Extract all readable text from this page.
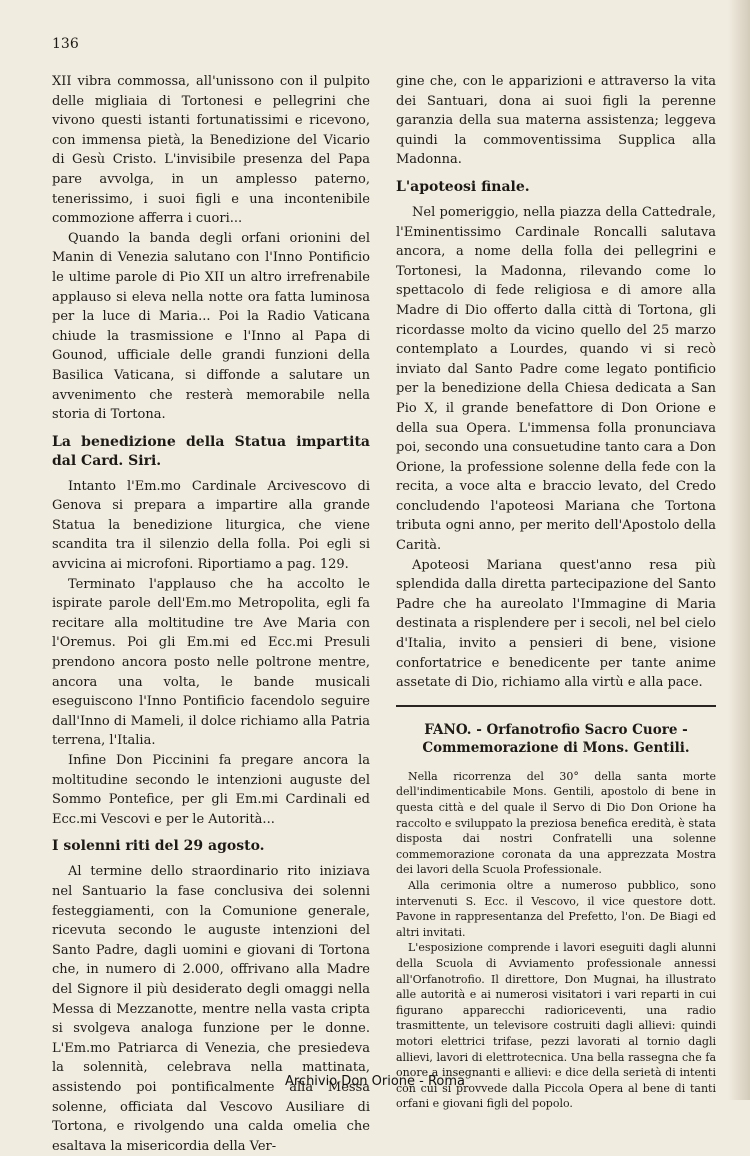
136

XII vibra commossa, all'unissono con il pulpito delle migliaia di Tortonesi e pellegrini che vivono questi istanti fortunatissimi e ricevono, con immensa pietà, la Benedizione del Vicario di Gesù Cristo. L'invisibile presenza del Papa pare avvolga, in un amplesso paterno, tenerissimo, i suoi figli e una incontenibile commozione afferra i cuori...

Quando la banda degli orfani orionini del Manin di Venezia salutano con l'Inno Pontificio le ultime parole di Pio XII un altro irrefrenabile applauso si eleva nella notte ora fatta luminosa per la luce di Maria... Poi la Radio Vaticana chiude la trasmissione e l'Inno al Papa di Gounod, ufficiale delle grandi funzioni della Basilica Vaticana, si diffonde a salutare un avvenimento che resterà memorabile nella storia di Tortona.

La benedizione della Statua impartita dal Card. Siri.

Intanto l'Em.mo Cardinale Arcivescovo di Genova si prepara a impartire alla grande Statua la benedizione liturgica, che viene scandita tra il silenzio della folla. Poi egli si avvicina ai microfoni. Riportiamo a pag. 129.

Terminato l'applauso che ha accolto le ispirate parole dell'Em.mo Metropolita, egli fa recitare alla moltitudine tre Ave Maria con l'Oremus. Poi gli Em.mi ed Ecc.mi Presuli prendono ancora posto nelle poltrone mentre, ancora una volta, le bande musicali eseguiscono l'Inno Pontificio facendolo seguire dall'Inno di Mameli, il dolce richiamo alla Patria terrena, l'Italia.

Infine Don Piccinini fa pregare ancora la moltitudine secondo le intenzioni auguste del Sommo Pontefice, per gli Em.mi Cardinali ed Ecc.mi Vescovi e per le Autorità...

I solenni riti del 29 agosto.

Al termine dello straordinario rito iniziava nel Santuario la fase conclusiva dei solenni festeggiamenti, con la Comunione generale, ricevuta secondo le auguste intenzioni del Santo Padre, dagli uomini e giovani di Tortona che, in numero di 2.000, offrivano alla Madre del Signore il più desiderato degli omaggi nella Messa di Mezzanotte, mentre nella vasta cripta si svolgeva analoga funzione per le donne. L'Em.mo Patriarca di Venezia, che presiedeva la solennità, celebrava nella mattinata, assistendo poi pontificalmente alla Messa solenne, officiata dal Vescovo Ausiliare di Tortona, e rivolgendo una calda omelia che esaltava la misericordia della Ver-

gine che, con le apparizioni e attraverso la vita dei Santuari, dona ai suoi figli la perenne garanzia della sua materna assistenza; leggeva quindi la commoventissima Supplica alla Madonna.

L'apoteosi finale.

Nel pomeriggio, nella piazza della Cattedrale, l'Eminentissimo Cardinale Roncalli salutava ancora, a nome della folla dei pellegrini e Tortonesi, la Madonna, rilevando come lo spettacolo di fede religiosa e di amore alla Madre di Dio offerto dalla città di Tortona, gli ricordasse molto da vicino quello del 25 marzo contemplato a Lourdes, quando vi si recò inviato dal Santo Padre come legato pontificio per la benedizione della Chiesa dedicata a San Pio X, il grande benefattore di Don Orione e della sua Opera. L'immensa folla pronunciava poi, secondo una consuetudine tanto cara a Don Orione, la professione solenne della fede con la recita, a voce alta e braccio levato, del Credo concludendo l'apoteosi Mariana che Tortona tributa ogni anno, per merito dell'Apostolo della Carità.

Apoteosi Mariana quest'anno resa più splendida dalla diretta partecipazione del Santo Padre che ha aureolato l'Immagine di Maria destinata a risplendere per i secoli, nel bel cielo d'Italia, invito a pensieri di bene, visione confortatrice e benedicente per tante anime assetate di Dio, richiamo alla virtù e alla pace.

FANO. - Orfanotrofio Sacro Cuore - Commemorazione di Mons. Gentili.

Nella ricorrenza del 30° della santa morte dell'indimenticabile Mons. Gentili, apostolo di bene in questa città e del quale il Servo di Dio Don Orione ha raccolto e sviluppato la preziosa benefica eredità, è stata disposta dai nostri Confratelli una solenne commemorazione coronata da una apprezzata Mostra dei lavori della Scuola Professionale.

Alla cerimonia oltre a numeroso pubblico, sono intervenuti S. Ecc. il Vescovo, il vice questore dott. Pavone in rappresentanza del Prefetto, l'on. De Biagi ed altri invitati.

L'esposizione comprende i lavori eseguiti dagli alunni della Scuola di Avviamento professionale annessi all'Orfanotrofio. Il direttore, Don Mugnai, ha illustrato alle autorità e ai numerosi visitatori i vari reparti in cui figurano apparecchi radioriceventi, una radio trasmittente, un televisore costruiti dagli allievi: quindi motori elettrici trifase, pezzi lavorati al tornio dagli allievi, lavori di elettrotecnica. Una bella rassegna che fa onore a insegnanti e allievi: e dice della serietà di intenti con cui si provvede dalla Piccola Opera al bene di tanti orfani e giovani figli del popolo.

Archivio Don Orione - Roma
